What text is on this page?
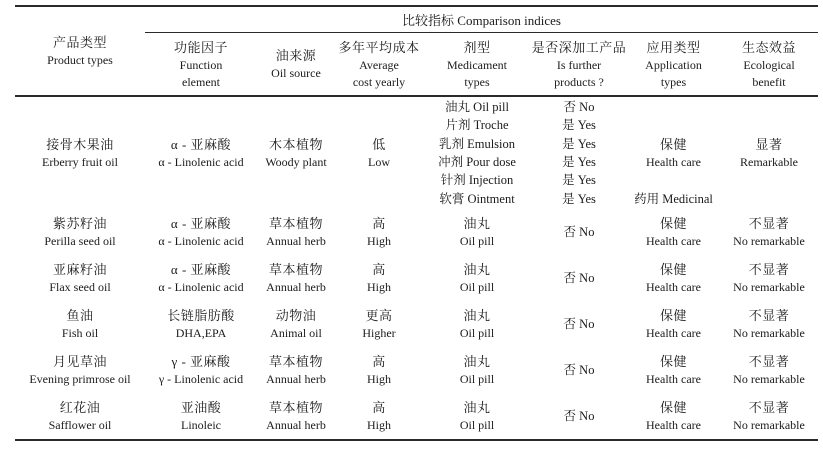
产品类型
Product types
比较指标 Comparison indices
功能因子
Function
element
油来源
Oil source
多年平均成本
Average
cost yearly
剂型
Medicament
types
是否深加工产品
Is further
products ?
应用类型
Application
types
生态效益
Ecological
benefit
接骨木果油
Erberry fruit oil
α - 亚麻酸
α - Linolenic acid
木本植物
Woody plant
低
Low
油丸 Oil pill
片剂 Troche
乳剂 Emulsion
冲剂 Pour dose
针剂 Injection
软膏 Ointment
否 No
是 Yes
是 Yes
是 Yes
是 Yes
是 Yes
保健
Health care
药用 Medicinal
显著
Remarkable
紫苏籽油
Perilla seed oil
α - 亚麻酸
α - Linolenic acid
草本植物
Annual herb
高
High
油丸
Oil pill
否 No
保健
Health care
不显著
No remarkable
亚麻籽油
Flax seed oil
α - 亚麻酸
α - Linolenic acid
草本植物
Annual herb
高
High
油丸
Oil pill
否 No
保健
Health care
不显著
No remarkable
鱼油
Fish oil
长链脂肪酸
DHA,EPA
动物油
Animal oil
更高
Higher
油丸
Oil pill
否 No
保健
Health care
不显著
No remarkable
月见草油
Evening primrose oil
γ - 亚麻酸
γ - Linolenic acid
草本植物
Annual herb
高
High
油丸
Oil pill
否 No
保健
Health care
不显著
No remarkable
红花油
Safflower oil
亚油酸
Linoleic
草本植物
Annual herb
高
High
油丸
Oil pill
否 No
保健
Health care
不显著
No remarkable
